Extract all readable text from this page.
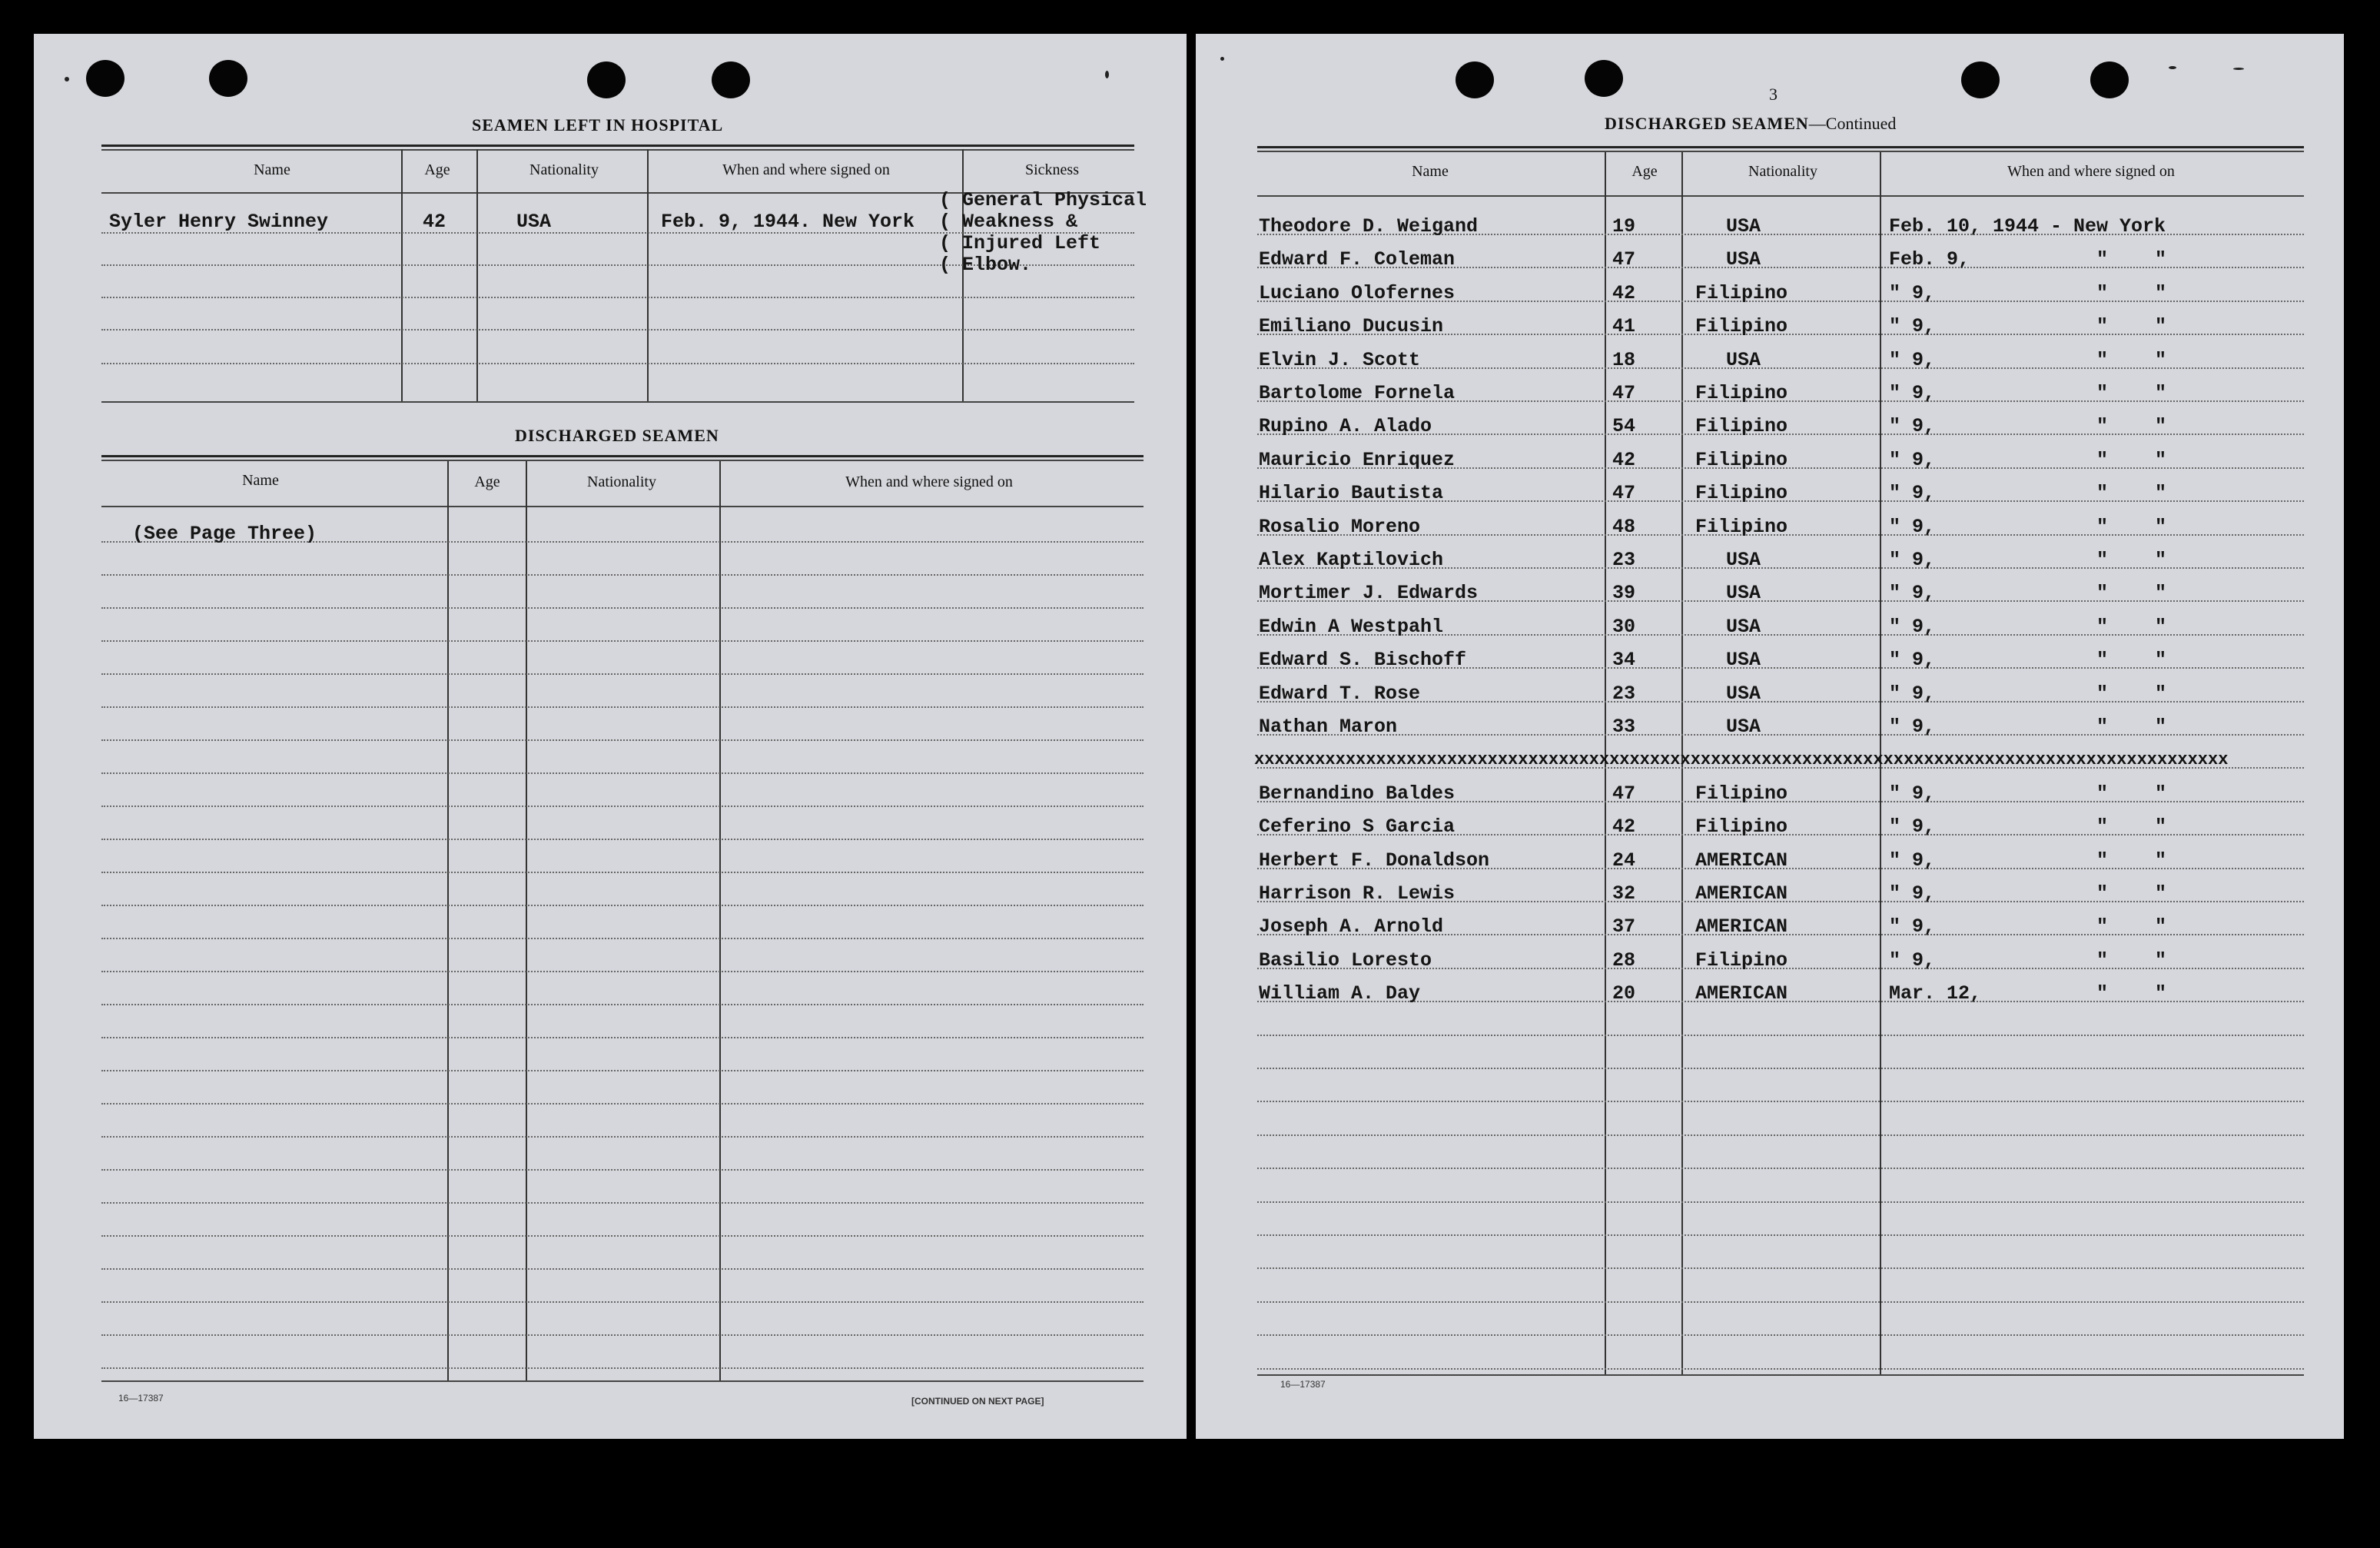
SEAMEN LEFT IN HOSPITAL
Name	Age	Nationality	When and where signed on	Sickness
Syler Henry Swinney	42	USA	Feb. 9, 1944. New York
( General Physical
( Weakness &
( Injured Left
( Elbow.
DISCHARGED SEAMEN
Name	Age	Nationality	When and where signed on
(See Page Three)
16—17387	[CONTINUED ON NEXT PAGE]
3
DISCHARGED SEAMEN—Continued
Name	Age	Nationality	When and where signed on
16—17387
Theodore D. Weigand	19	USA	Feb. 10, 1944 - New York
Edward F. Coleman	47	USA	Feb. 9,	" "
Luciano Olofernes	42	Filipino	" 9,	" "
Emiliano Ducusin	41	Filipino	" 9,	" "
Elvin J. Scott	18	USA	" 9,	" "
Bartolome Fornela	47	Filipino	" 9,	" "
Rupino A. Alado	54	Filipino	" 9,	" "
Mauricio Enriquez	42	Filipino	" 9,	" "
Hilario Bautista	47	Filipino	" 9,	" "
Rosalio Moreno	48	Filipino	" 9,	" "
Alex Kaptilovich	23	USA	" 9,	" "
Mortimer J. Edwards	39	USA	" 9,	" "
Edwin A Westpahl	30	USA	" 9,	" "
Edward S. Bischoff	34	USA	" 9,	" "
Edward T. Rose	23	USA	" 9,	" "
Nathan Maron	33	USA	" 9,	" "
xxxxxxxxxxxxxxxxxxxxxxxxxxxxxxxxxxxxxxxxxxxxxxxxxxxxxxxxxxxxxxxxxxxxxxxxxxxxxxxxxxxxxxxxxxxxxxxx
Bernandino Baldes	47	Filipino	" 9,	" "
Ceferino S Garcia	42	Filipino	" 9,	" "
Herbert F. Donaldson	24	AMERICAN	" 9,	" "
Harrison R. Lewis	32	AMERICAN	" 9,	" "
Joseph A. Arnold	37	AMERICAN	" 9,	" "
Basilio Loresto	28	Filipino	" 9,	" "
William A. Day	20	AMERICAN	Mar. 12,	" "
